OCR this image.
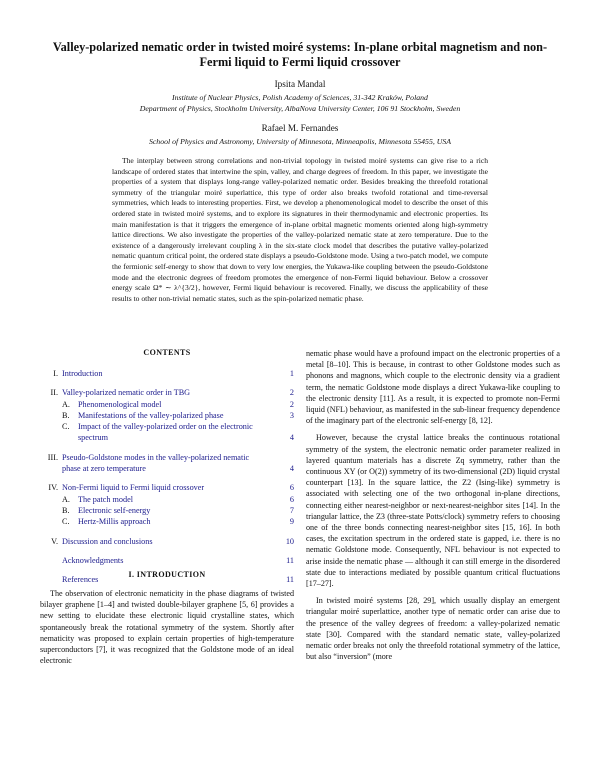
Valley-polarized nematic order in twisted moiré systems: In-plane orbital magnetism and non-Fermi liquid to Fermi liquid crossover
Ipsita Mandal
Institute of Nuclear Physics, Polish Academy of Sciences, 31-342 Kraków, Poland
Department of Physics, Stockholm University, AlbaNova University Center, 106 91 Stockholm, Sweden
Rafael M. Fernandes
School of Physics and Astronomy, University of Minnesota, Minneapolis, Minnesota 55455, USA
The interplay between strong correlations and non-trivial topology in twisted moiré systems can give rise to a rich landscape of ordered states that intertwine the spin, valley, and charge degrees of freedom. In this paper, we investigate the properties of a system that displays long-range valley-polarized nematic order. Besides breaking the threefold rotational symmetry of the triangular moiré superlattice, this type of order also breaks twofold rotational and time-reversal symmetries, which leads to interesting properties. First, we develop a phenomenological model to describe the onset of this ordered state in twisted moiré systems, and to explore its signatures in their thermodynamic and electronic properties. Its main manifestation is that it triggers the emergence of in-plane orbital magnetic moments oriented along high-symmetry lattice directions. We also investigate the properties of the valley-polarized nematic state at zero temperature. Due to the existence of a dangerously irrelevant coupling λ in the six-state clock model that describes the putative valley-polarized nematic quantum critical point, the ordered state displays a pseudo-Goldstone mode. Using a two-patch model, we compute the fermionic self-energy to show that down to very low energies, the Yukawa-like coupling between the pseudo-Goldstone mode and the electronic degrees of freedom promotes the emergence of non-Fermi liquid behaviour. Below a crossover energy scale Ω* ∼ λ^{3/2}, however, Fermi liquid behaviour is recovered. Finally, we discuss the applicability of these results to other non-trivial nematic states, such as the spin-polarized nematic phase.
CONTENTS
I. Introduction	1
II. Valley-polarized nematic order in TBG	2
A. Phenomenological model	2
B.	Manifestations of the valley-polarized phase	3
C.	Impact of the valley-polarized order on the electronic spectrum	4
III. Pseudo-Goldstone modes in the valley-polarized nematic phase at zero temperature	4
IV. Non-Fermi liquid to Fermi liquid crossover	6
A. The patch model	6
B.	Electronic self-energy	7
C.	Hertz-Millis approach	9
V. Discussion and conclusions	10
Acknowledgments	11
References	11
I. INTRODUCTION
The observation of electronic nematicity in the phase diagrams of twisted bilayer graphene [1–4] and twisted double-bilayer graphene [5, 6] provides a new setting to elucidate these electronic liquid crystalline states, which spontaneously break the rotational symmetry of the system. Shortly after nematicity was proposed to explain certain properties of high-temperature superconductors [7], it was recognized that the Goldstone mode of an ideal electronic

nematic phase would have a profound impact on the electronic properties of a metal [8–10]. This is because, in contrast to other Goldstone modes such as phonons and magnons, which couple to the electronic density via a gradient term, the nematic Goldstone mode displays a direct Yukawa-like coupling to the electronic density [11]. As a result, it is expected to promote non-Fermi liquid (NFL) behaviour, as manifested in the sub-linear frequency dependence of the imaginary part of the electronic self-energy [8, 12].

However, because the crystal lattice breaks the continuous rotational symmetry of the system, the electronic nematic order parameter realized in layered quantum materials has a discrete Zq symmetry, rather than the continuous XY (or O(2)) symmetry of its two-dimensional (2D) liquid crystal counterpart [13]. In the square lattice, the Z2 (Ising-like) symmetry is associated with selecting one of the two orthogonal in-plane directions, connecting either nearest-neighbor or next-nearest-neighbor sites [14]. In the triangular lattice, the Z3 (three-state Potts/clock) symmetry refers to choosing one of the three bonds connecting nearest-neighbor sites [15, 16]. In both cases, the excitation spectrum in the ordered state is gapped, i.e. there is no nematic Goldstone mode. Consequently, NFL behaviour is not expected to arise inside the nematic phase — although it can still emerge in the disordered state due to interactions mediated by possible quantum critical fluctuations [17–27].

In twisted moiré systems [28, 29], which usually display an emergent triangular moiré superlattice, another type of nematic order can arise due to the presence of the valley degrees of freedom: a valley-polarized nematic state [30]. Compared with the standard nematic state, valley-polarized nematic order breaks not only the threefold rotational symmetry of the lattice, but also “inversion” (more
